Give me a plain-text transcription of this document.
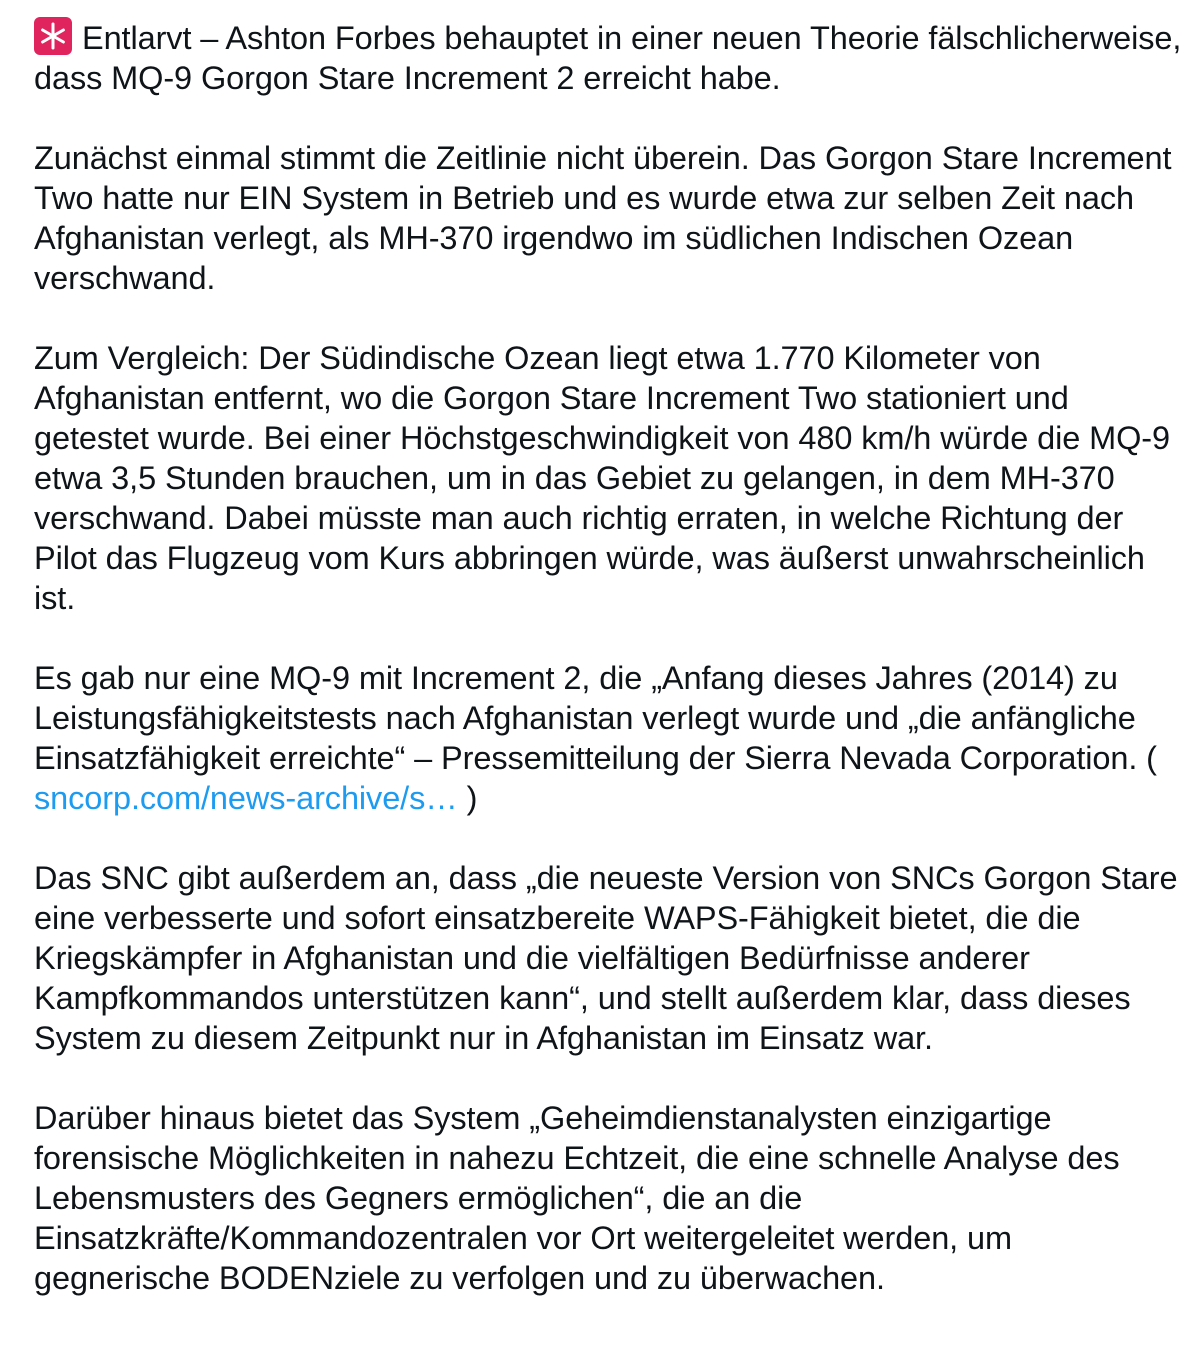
Entlarvt – Ashton Forbes behauptet in einer neuen Theorie fälschlicherweise, dass MQ-9 Gorgon Stare Increment 2 erreicht habe.

Zunächst einmal stimmt die Zeitlinie nicht überein. Das Gorgon Stare Increment Two hatte nur EIN System in Betrieb und es wurde etwa zur selben Zeit nach Afghanistan verlegt, als MH-370 irgendwo im südlichen Indischen Ozean verschwand.

Zum Vergleich: Der Südindische Ozean liegt etwa 1.770 Kilometer von Afghanistan entfernt, wo die Gorgon Stare Increment Two stationiert und getestet wurde. Bei einer Höchstgeschwindigkeit von 480 km/h würde die MQ-9 etwa 3,5 Stunden brauchen, um in das Gebiet zu gelangen, in dem MH-370 verschwand. Dabei müsste man auch richtig erraten, in welche Richtung der Pilot das Flugzeug vom Kurs abbringen würde, was äußerst unwahrscheinlich ist.

Es gab nur eine MQ-9 mit Increment 2, die „Anfang dieses Jahres (2014) zu Leistungsfähigkeitstests nach Afghanistan verlegt wurde und „die anfängliche Einsatzfähigkeit erreichte“ – Pressemitteilung der Sierra Nevada Corporation. ( sncorp.com/news-archive/s… )

Das SNC gibt außerdem an, dass „die neueste Version von SNCs Gorgon Stare eine verbesserte und sofort einsatzbereite WAPS-Fähigkeit bietet, die die Kriegskämpfer in Afghanistan und die vielfältigen Bedürfnisse anderer Kampfkommandos unterstützen kann“, und stellt außerdem klar, dass dieses System zu diesem Zeitpunkt nur in Afghanistan im Einsatz war.

Darüber hinaus bietet das System „Geheimdienstanalysten einzigartige forensische Möglichkeiten in nahezu Echtzeit, die eine schnelle Analyse des Lebensmusters des Gegners ermöglichen“, die an die Einsatzkräfte/Kommandozentralen vor Ort weitergeleitet werden, um gegnerische BODENziele zu verfolgen und zu überwachen.
